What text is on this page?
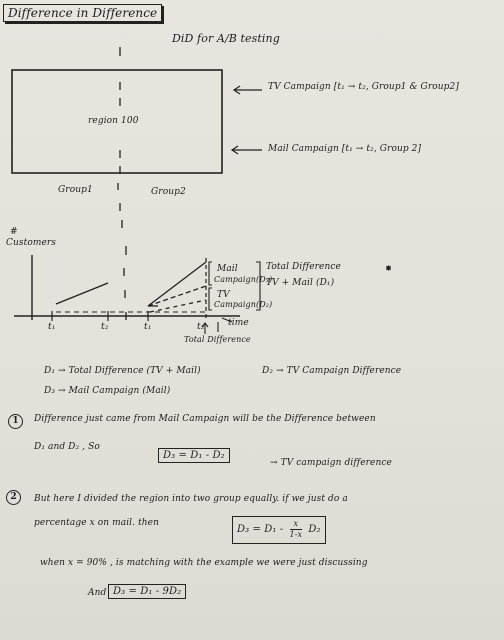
Difference in Difference
DiD for A/B testing
region 100
TV Campaign [t₁ → t₂, Group1 & Group2]
Mail Campaign [t₁ → t₂, Group 2]
Group1	Group2
#
Customers
t₁	t₂	t₁	t₂	time
Mail
Campaign(D₃)
TV
Campaign(D₂)
Total Difference
TV + Mail (D₁)
Total Difference
D₁ → Total Difference (TV + Mail)	D₂ → TV Campaign Difference
D₃ → Mail Campaign (Mail)
1	Difference just came from Mail Campaign will be the Difference between
D₁ and D₂ , So
D₃ = D₁ - D₂
→ TV campaign difference
2	But here I divided the region into two group equally. if we just do a
percentage x on mail. then
$D_3 = D_1 - \frac{x}{1-x} D_2$
when x = 90% , is matching with the example we were just discussing
And D₃ = D₁ - 9D₂
